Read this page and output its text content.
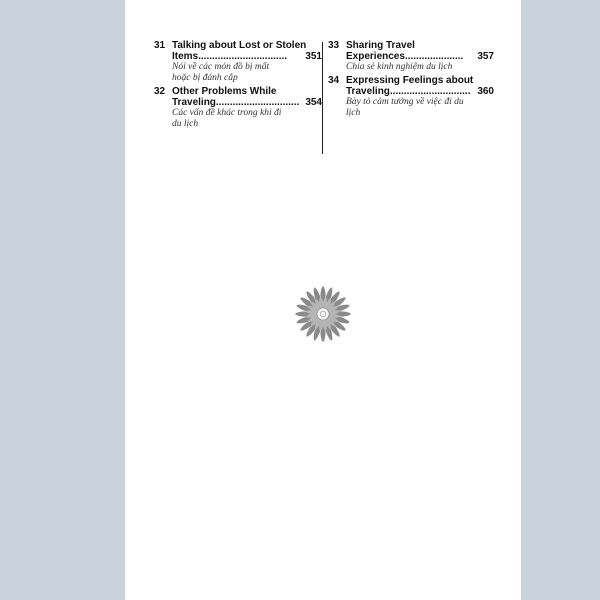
31 Talking about Lost or Stolen
Items ................................	351
Nói về các món đồ bị mất
hoặc bị đánh cắp
32 Other Problems While
Traveling .............................. 354
Các vấn đề khác trong khi đi
du lịch
33 Sharing Travel
Experiences .....................	357
Chia sẻ kinh nghiệm du lịch
34 Expressing Feelings about
Traveling ............................. 360
Bày tỏ cảm tưởng về việc đi du
lịch
